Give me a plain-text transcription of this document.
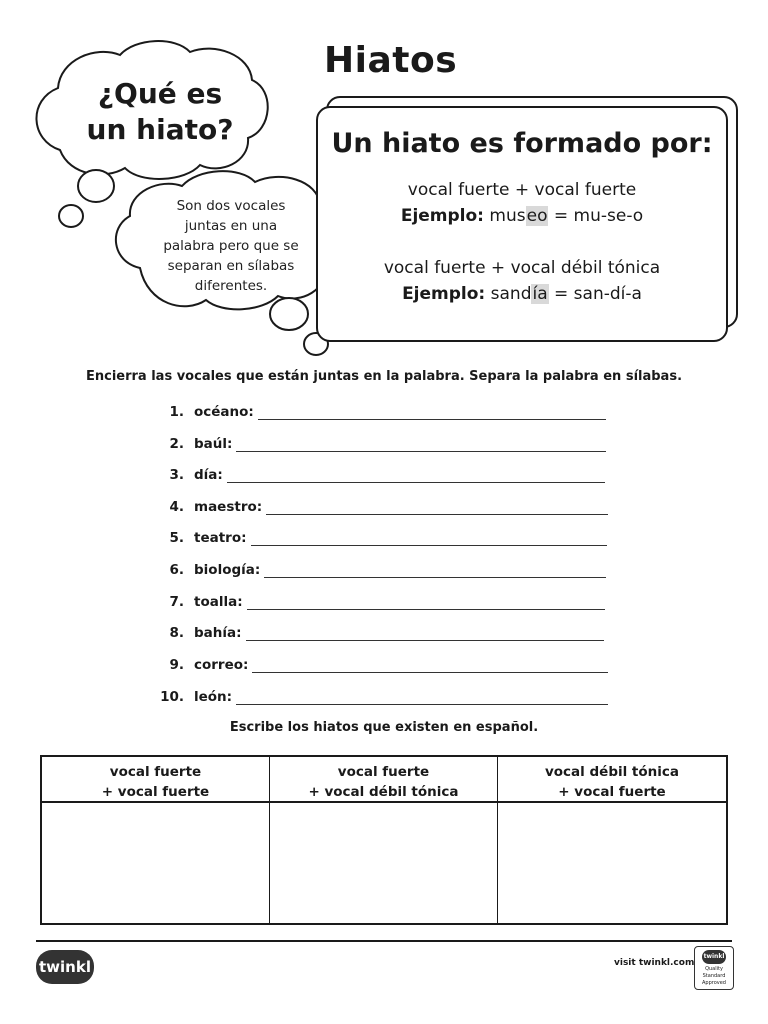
Hiatos
¿Qué es
un hiato?
Son dos vocales
juntas en una
palabra pero que se
separan en sílabas
diferentes.
Un hiato es formado por:
vocal fuerte + vocal fuerte
Ejemplo: museo = mu-se-o
vocal fuerte + vocal débil tónica
Ejemplo: sandía = san-dí-a
Encierra las vocales que están juntas en la palabra. Separa la palabra en sílabas.
1. océano:
2. baúl:
3. día:
4. maestro:
5. teatro:
6. biología:
7. toalla:
8. bahía:
9. correo:
10. león:
Escribe los hiatos que existen en español.
vocal fuerte
+ vocal fuerte
vocal fuerte
+ vocal débil tónica
vocal débil tónica
+ vocal fuerte
twinkl	visit twinkl.com
twinkl
Quality Standard
Approved
